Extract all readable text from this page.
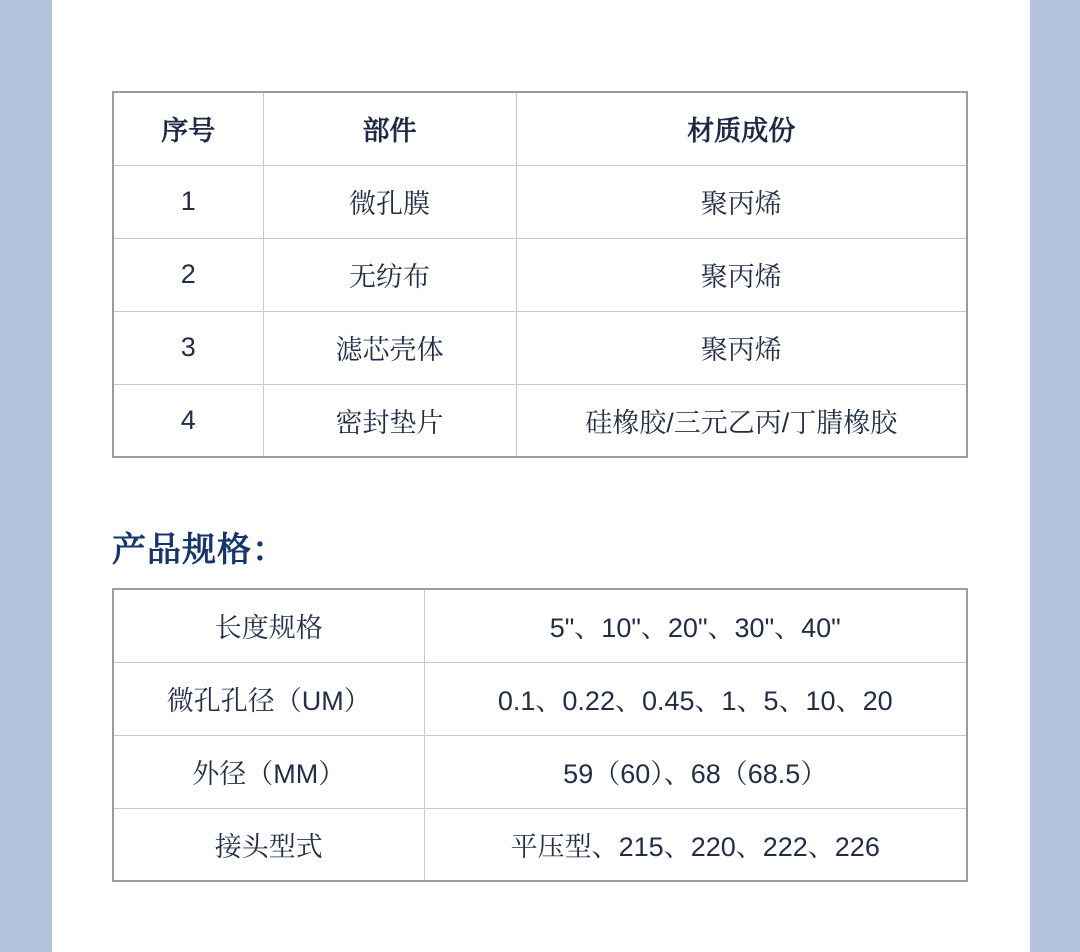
序号	部件	材质成份
1	微孔膜	聚丙烯
2	无纺布	聚丙烯
3	滤芯壳体	聚丙烯
4	密封垫片	硅橡胶/三元乙丙/丁腈橡胶
产品规格：
长度规格	5"、10"、20"、30"、40"
微孔孔径（UM）	0.1、0.22、0.45、1、5、10、20
外径（MM）	59（60）、68（68.5）
接头型式	平压型、215、220、222、226
